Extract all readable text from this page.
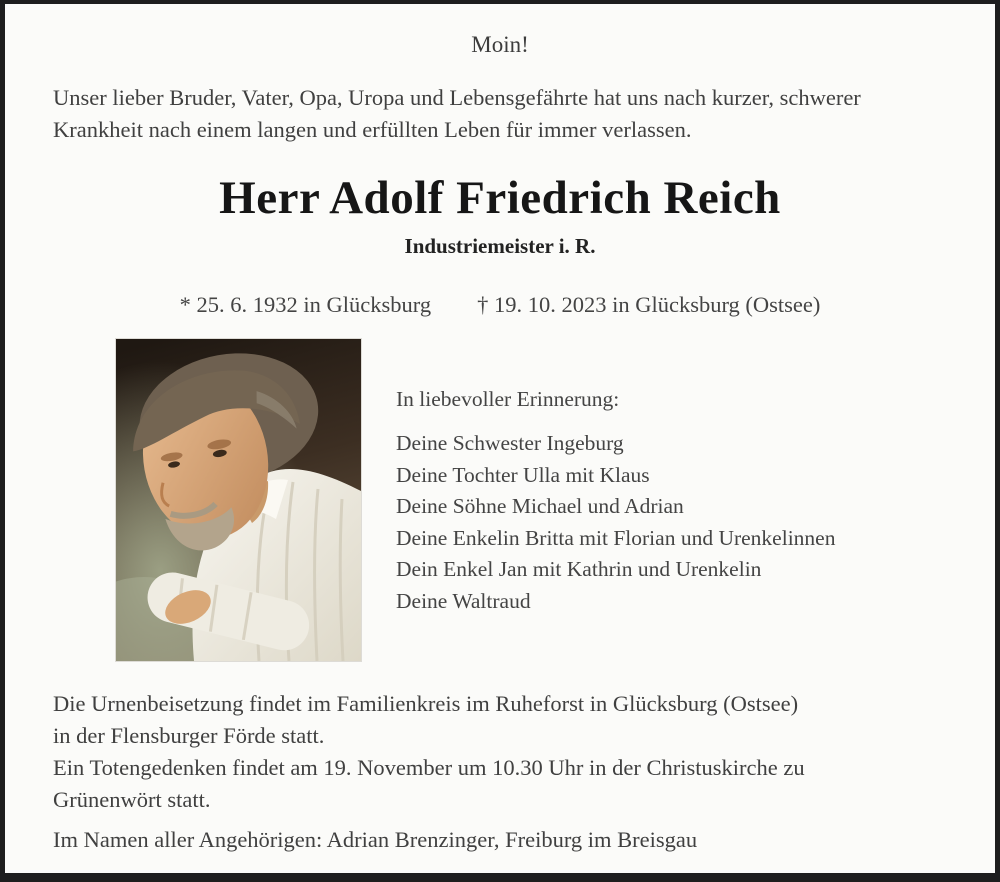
Moin!
Unser lieber Bruder, Vater, Opa, Uropa und Lebensgefährte hat uns nach kurzer, schwerer
Krankheit nach einem langen und erfüllten Leben für immer verlassen.
Herr Adolf Friedrich Reich
Industriemeister i. R.
* 25. 6. 1932 in Glücksburg † 19. 10. 2023 in Glücksburg (Ostsee)
In liebevoller Erinnerung:
Deine Schwester Ingeburg
Deine Tochter Ulla mit Klaus
Deine Söhne Michael und Adrian
Deine Enkelin Britta mit Florian und Urenkelinnen
Dein Enkel Jan mit Kathrin und Urenkelin
Deine Waltraud
Die Urnenbeisetzung findet im Familienkreis im Ruheforst in Glücksburg (Ostsee)
in der Flensburger Förde statt.
Ein Totengedenken findet am 19. November um 10.30 Uhr in der Christuskirche zu
Grünenwört statt.
Im Namen aller Angehörigen: Adrian Brenzinger, Freiburg im Breisgau
